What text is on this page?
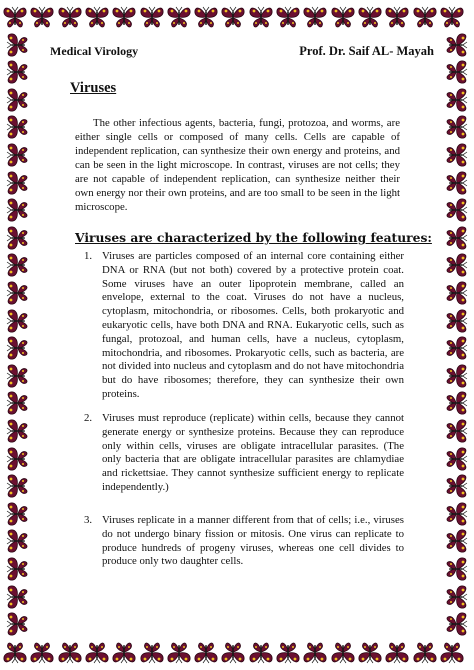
Medical Virology	Prof. Dr. Saif AL- Mayah
Viruses

The other infectious agents, bacteria, fungi, protozoa, and worms, are either single cells or composed of many cells. Cells are capable of independent replication, can synthesize their own energy and proteins, and can be seen in the light microscope. In contrast, viruses are not cells; they are not capable of independent replication, can synthesize neither their own energy nor their own proteins, and are too small to be seen in the light microscope.

Viruses are characterized by the following features:
1. Viruses are particles composed of an internal core containing either DNA or RNA (but not both) covered by a protective protein coat. Some viruses have an outer lipoprotein membrane, called an envelope, external to the coat. Viruses do not have a nucleus, cytoplasm, mitochondria, or ribosomes. Cells, both prokaryotic and eukaryotic cells, have both DNA and RNA. Eukaryotic cells, such as fungal, protozoal, and human cells, have a nucleus, cytoplasm, mitochondria, and ribosomes. Prokaryotic cells, such as bacteria, are not divided into nucleus and cytoplasm and do not have mitochondria but do have ribosomes; therefore, they can synthesize their own proteins.
2. Viruses must reproduce (replicate) within cells, because they cannot generate energy or synthesize proteins. Because they can reproduce only within cells, viruses are obligate intracellular parasites. (The only bacteria that are obligate intracellular parasites are chlamydiae and rickettsiae. They cannot synthesize sufficient energy to replicate independently.)
3. Viruses replicate in a manner different from that of cells; i.e., viruses do not undergo binary fission or mitosis. One virus can replicate to produce hundreds of progeny viruses, whereas one cell divides to produce only two daughter cells.
